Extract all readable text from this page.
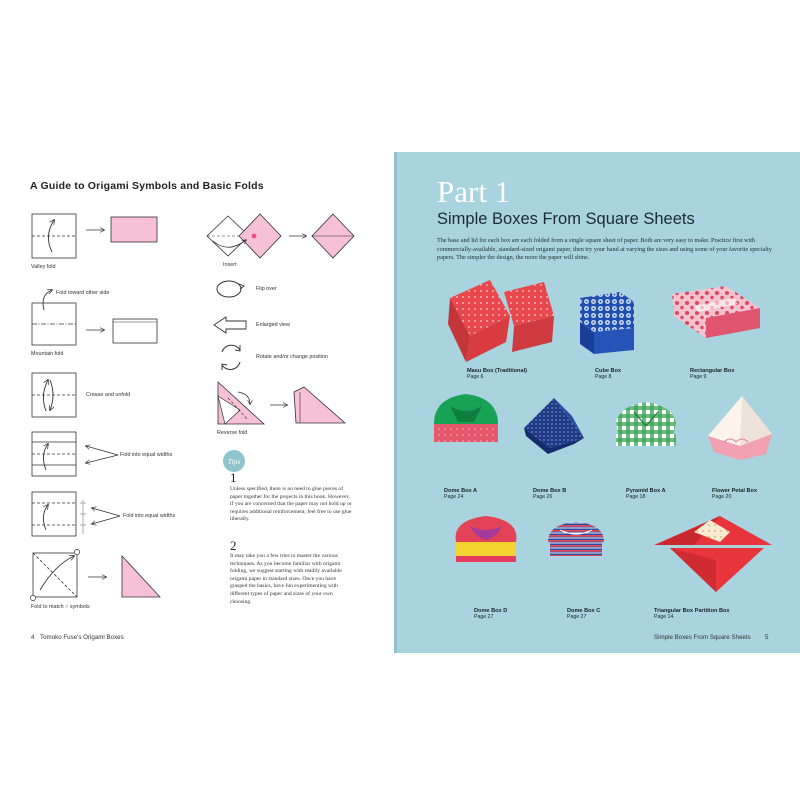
A Guide to Origami Symbols and Basic Folds
Valley fold
Fold toward other side
Mountain fold
Crease and unfold
Fold into equal widths
Fold into equal widths
Fold to match ○ symbols
Insert
Flip over
Enlarged view
Rotate and/or change position
Reverse fold
Tips
1
Unless specified, there is no need to glue pieces of paper together for the projects in this book. However, if you are concerned that the paper may not hold up or requires additional reinforcement, feel free to use glue liberally.
2
It may take you a few tries to master the various techniques. As you become familiar with origami folding, we suggest starting with readily available origami paper in standard sizes. Once you have grasped the basics, have fun experimenting with different types of paper and sizes of your own choosing.
4 Tomoko Fuse's Origami Boxes
Part 1
Simple Boxes From Square Sheets
The base and lid for each box are each folded from a single square sheet of paper. Both are very easy to make. Practice first with commercially-available, standard-sized origami paper, then try your hand at varying the sizes and using some of your favorite specialty papers. The simpler the design, the more the paper will shine.
Masu Box (Traditional)
Page 6
Cube Box
Page 8
Rectangular Box
Page 9
Dome Box A
Page 24
Dome Box B
Page 26
Pyramid Box A
Page 18
Flower Petal Box
Page 20
Dome Box D
Page 27
Dome Box C
Page 27
Triangular Box Partition Box
Page 14
Simple Boxes From Square Sheets 5
